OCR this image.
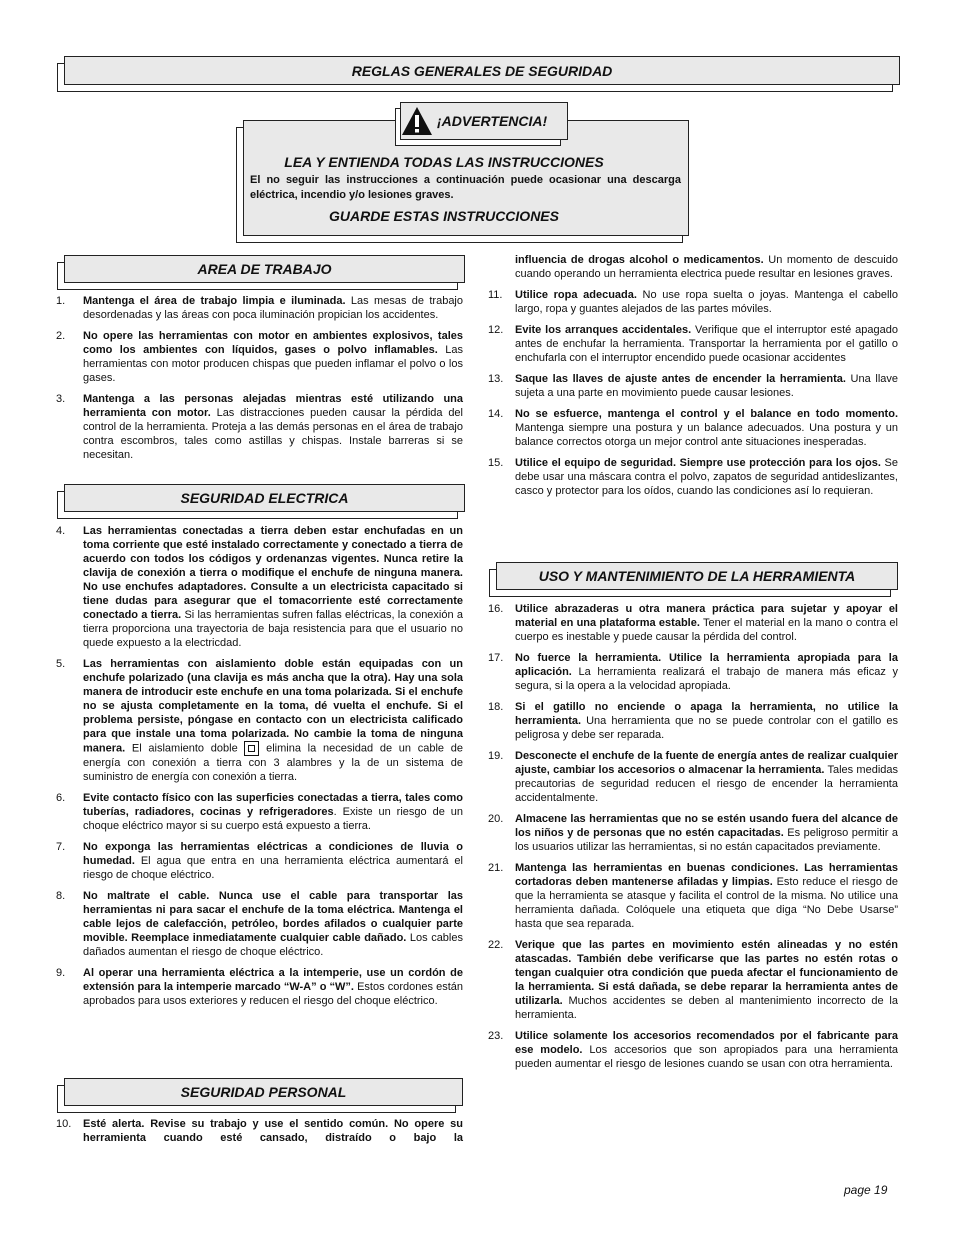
REGLAS GENERALES DE SEGURIDAD
¡ADVERTENCIA!
LEA Y ENTIENDA TODAS LAS INSTRUCCIONES
El no seguir las instrucciones a continuación puede ocasionar una descarga eléctrica, incendio y/o lesiones graves.
GUARDE ESTAS INSTRUCCIONES
AREA DE TRABAJO
SEGURIDAD ELECTRICA
SEGURIDAD PERSONAL
USO Y MANTENIMIENTO DE LA HERRAMIENTA
1. Mantenga el área de trabajo limpia e iluminada. Las mesas de trabajo desordenadas y las áreas con poca iluminación propician los accidentes.
2. No opere las herramientas con motor en ambientes explosivos, tales como los ambientes con líquidos, gases o polvo inflamables. Las herramientas con motor producen chispas que pueden inflamar el polvo o los gases.
3. Mantenga a las personas alejadas mientras esté utilizando una herramienta con motor. Las distracciones pueden causar la pérdida del control de la herramienta. Proteja a las demás personas en el área de trabajo contra escombros, tales como astillas y chispas. Instale barreras si se necesitan.
4. Las herramientas conectadas a tierra deben estar enchufadas en un toma corriente que esté instalado correctamente y conectado a tierra de acuerdo con todos los códigos y ordenanzas vigentes. Nunca retire la clavija de conexión a tierra o modifique el enchufe de ninguna manera. No use enchufes adaptadores. Consulte a un electricista capacitado si tiene dudas para asegurar que el tomacorriente esté correctamente conectado a tierra. Si las herramientas sufren fallas eléctricas, la conexión a tierra proporciona una trayectoria de baja resistencia para que el usuario no quede expuesto a la electricdad.
5. Las herramientas con aislamiento doble están equipadas con un enchufe polarizado (una clavija es más ancha que la otra). Hay una sola manera de introducir este enchufe en una toma polarizada. Si el enchufe no se ajusta completamente en la toma, dé vuelta el enchufe. Si el problema persiste, póngase en contacto con un electricista calificado para que instale una toma polarizada. No cambie la toma de ninguna manera. El aislamiento doble  elimina la necesidad de un cable de energía con conexión a tierra con 3 alambres y la de un sistema de suministro de energía con conexión a tierra.
6. Evite contacto físico con las superficies conectadas a tierra, tales como tuberías, radiadores, cocinas y refrigeradores. Existe un riesgo de un choque eléctrico mayor si su cuerpo está expuesto a tierra.
7. No exponga las herramientas eléctricas a condiciones de lluvia o humedad. El agua que entra en una herramienta eléctrica aumentará el riesgo de choque eléctrico.
8. No maltrate el cable. Nunca use el cable para transportar las herramientas ni para sacar el enchufe de la toma eléctrica. Mantenga el cable lejos de calefacción, petróleo, bordes afilados o cualquier parte movible. Reemplace inmediatamente cualquier cable dañado. Los cables dañados aumentan el riesgo de choque eléctrico.
9. Al operar una herramienta eléctrica a la intemperie, use un cordón de extensión para la intemperie marcado “W-A” o “W”. Estos cordones están aprobados para usos exteriores y reducen el riesgo del choque eléctrico.
10. Esté alerta. Revise su trabajo y use el sentido común. No opere su herramienta cuando esté cansado, distraído o bajo la
influencia de drogas alcohol o medicamentos. Un momento de descuido cuando operando un herramienta electrica puede resultar en lesiones graves.
11. Utilice ropa adecuada. No use ropa suelta o joyas. Mantenga el cabello largo, ropa y guantes alejados de las partes móviles.
12. Evite los arranques accidentales. Verifique que el interruptor esté apagado antes de enchufar la herramienta. Transportar la herramienta por el gatillo o enchufarla con el interruptor encendido puede ocasionar accidentes
13. Saque las llaves de ajuste antes de encender la herramienta. Una llave sujeta a una parte en movimiento puede causar lesiones.
14. No se esfuerce, mantenga el control y el balance en todo momento. Mantenga siempre una postura y un balance adecuados. Una postura y un balance correctos otorga un mejor control ante situaciones inesperadas.
15. Utilice el equipo de seguridad. Siempre use protección para los ojos. Se debe usar una máscara contra el polvo, zapatos de seguridad antideslizantes, casco y protector para los oídos, cuando las condiciones así lo requieran.
16. Utilice abrazaderas u otra manera práctica para sujetar y apoyar el material en una plataforma estable. Tener el material en la mano o contra el cuerpo es inestable y puede causar la pérdida del control.
17. No fuerce la herramienta. Utilice la herramienta apropiada para la aplicación. La herramienta realizará el trabajo de manera más eficaz y segura, si la opera a la velocidad apropiada.
18. Si el gatillo no enciende o apaga la herramienta, no utilice la herramienta. Una herramienta que no se puede controlar con el gatillo es peligrosa y debe ser reparada.
19. Desconecte el enchufe de la fuente de energía antes de realizar cualquier ajuste, cambiar los accesorios o almacenar la herramienta. Tales medidas precautorias de seguridad reducen el riesgo de encender la herramienta accidentalmente.
20. Almacene las herramientas que no se estén usando fuera del alcance de los niños y de personas que no estén capacitadas. Es peligroso permitir a los usuarios utilizar las herramientas, si no están capacitados previamente.
21. Mantenga las herramientas en buenas condiciones. Las herramientas cortadoras deben mantenerse afiladas y limpias. Esto reduce el riesgo de que la herramienta se atasque y facilita el control de la misma. No utilice una herramienta dañada. Colóquele una etiqueta que diga “No Debe Usarse” hasta que sea reparada.
22. Verique que las partes en movimiento estén alineadas y no estén atascadas. También debe verificarse que las partes no estén rotas o tengan cualquier otra condición que pueda afectar el funcionamiento de la herramienta. Si está dañada, se debe reparar la herramienta antes de utilizarla. Muchos accidentes se deben al mantenimiento incorrecto de la herramienta.
23. Utilice solamente los accesorios recomendados por el fabricante para ese modelo. Los accesorios que son apropiados para una herramienta pueden aumentar el riesgo de lesiones cuando se usan con otra herramienta.
page 19
